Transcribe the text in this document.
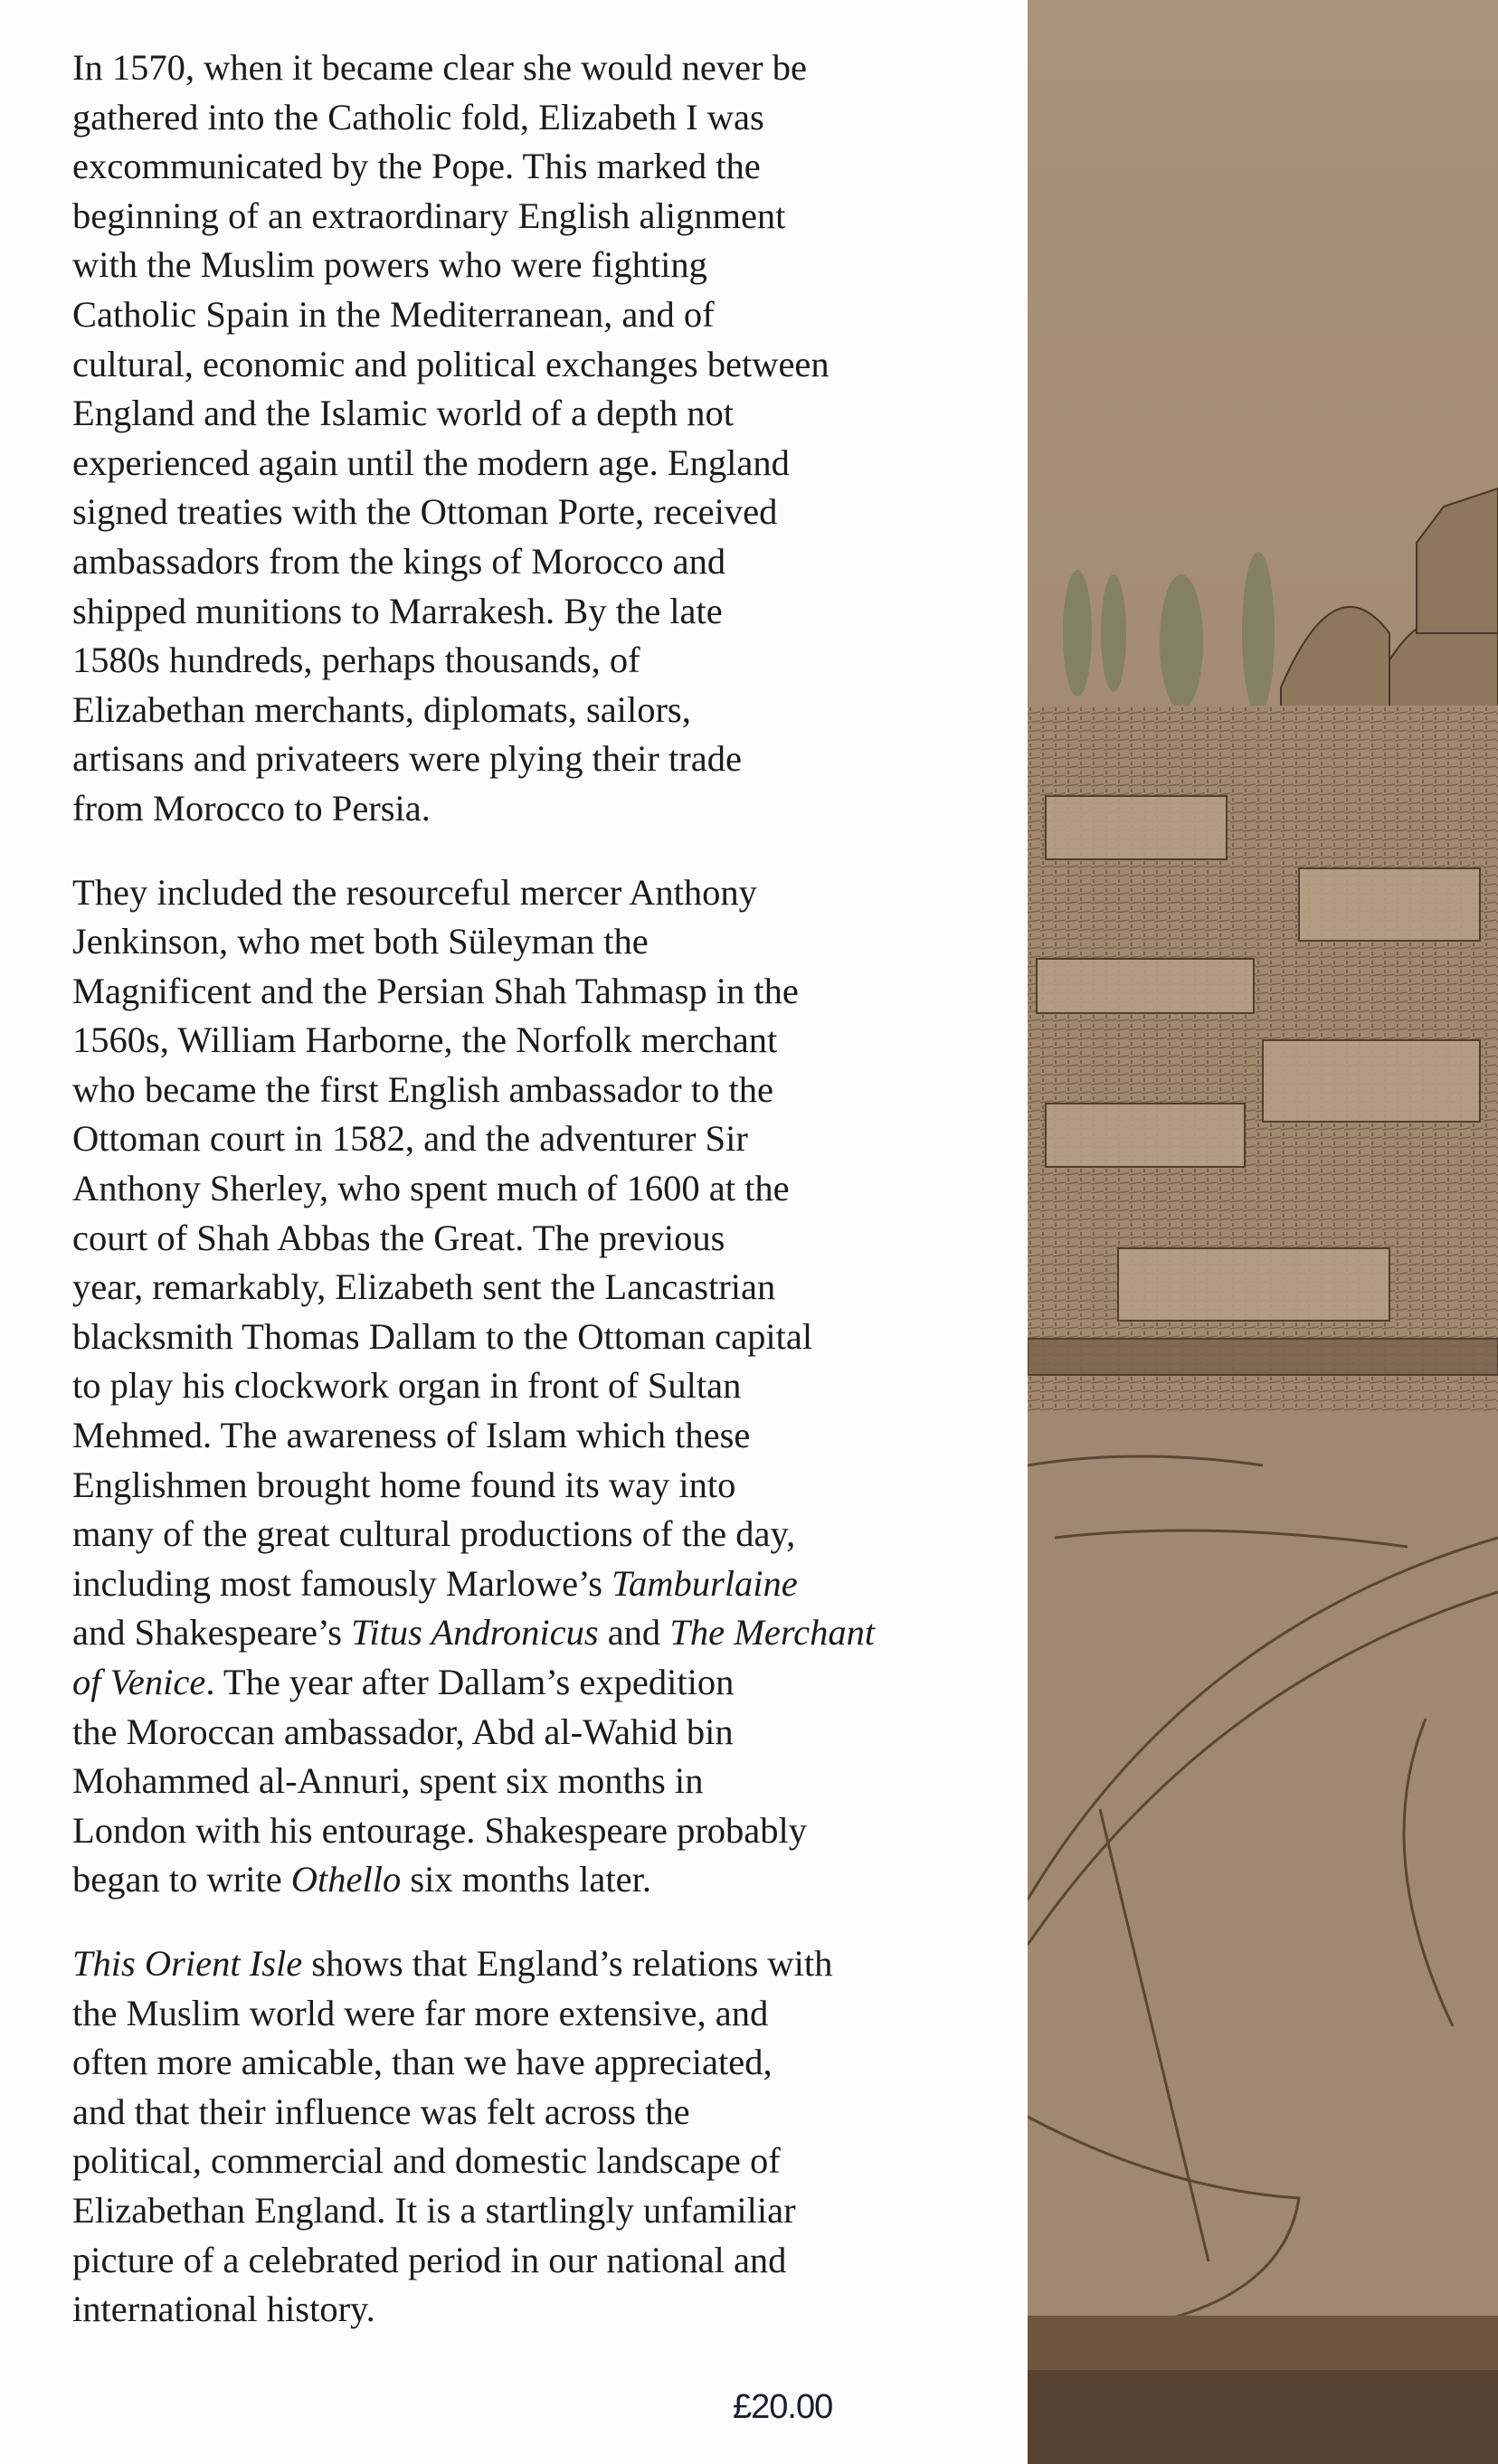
In 1570, when it became clear she would never be
gathered into the Catholic fold, Elizabeth I was
excommunicated by the Pope. This marked the
beginning of an extraordinary English alignment
with the Muslim powers who were fighting
Catholic Spain in the Mediterranean, and of
cultural, economic and political exchanges between
England and the Islamic world of a depth not
experienced again until the modern age. England
signed treaties with the Ottoman Porte, received
ambassadors from the kings of Morocco and
shipped munitions to Marrakesh. By the late
1580s hundreds, perhaps thousands, of
Elizabethan merchants, diplomats, sailors,
artisans and privateers were plying their trade
from Morocco to Persia.
They included the resourceful mercer Anthony
Jenkinson, who met both Süleyman the
Magnificent and the Persian Shah Tahmasp in the
1560s, William Harborne, the Norfolk merchant
who became the first English ambassador to the
Ottoman court in 1582, and the adventurer Sir
Anthony Sherley, who spent much of 1600 at the
court of Shah Abbas the Great. The previous
year, remarkably, Elizabeth sent the Lancastrian
blacksmith Thomas Dallam to the Ottoman capital
to play his clockwork organ in front of Sultan
Mehmed. The awareness of Islam which these
Englishmen brought home found its way into
many of the great cultural productions of the day,
including most famously Marlowe’s Tamburlaine
and Shakespeare’s Titus Andronicus and The Merchant
of Venice. The year after Dallam’s expedition
the Moroccan ambassador, Abd al-Wahid bin
Mohammed al-Annuri, spent six months in
London with his entourage. Shakespeare probably
began to write Othello six months later.
This Orient Isle shows that England’s relations with
the Muslim world were far more extensive, and
often more amicable, than we have appreciated,
and that their influence was felt across the
political, commercial and domestic landscape of
Elizabethan England. It is a startlingly unfamiliar
picture of a celebrated period in our national and
international history.
£20.00
